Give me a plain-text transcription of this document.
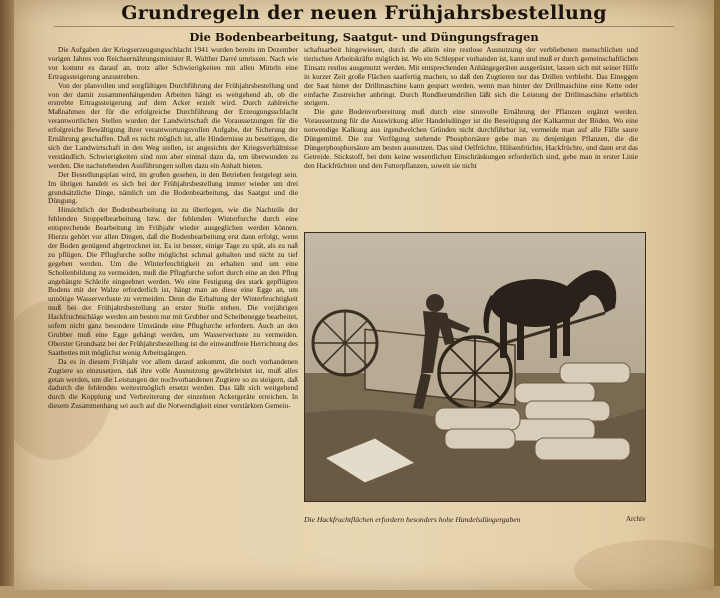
Grundregeln der neuen Frühjahrsbestellung
Die Bodenbearbeitung, Saatgut- und Düngungsfragen

Die Aufgaben der Kriegserzeugungsschlacht 1941 wurden bereits im Dezember vorigen Jahres von Reichsernährungsminister R. Walther Darré umrissen. Nach wie vor kommt es darauf an, trotz aller Schwierigkeiten mit allen Mitteln eine Ertragssteigerung anzustreben.

Von der planvollen und sorgfältigen Durchführung der Frühjahrsbestellung und von der damit zusammenhängenden Arbeiten hängt es weitgehend ab, ob die erstrebte Ertragssteigerung auf dem Acker erzielt wird. Durch zahlreiche Maßnahmen der für die erfolgreiche Durchführung der Erzeugungsschlacht verantwortlichen Stellen wurden der Landwirtschaft die Voraussetzungen für die erfolgreiche Bewältigung ihrer verantwortungsvollen Aufgabe, der Sicherung der Ernährung geschaffen. Daß es nicht möglich ist, alle Hindernisse zu beseitigen, die sich der Landwirtschaft in den Weg stellen, ist angesichts der Kriegsverhältnisse verständlich. Schwierigkeiten sind nun aber einmal dazu da, um überwunden zu werden. Die nachstehenden Ausführungen sollen dazu ein Anhalt bieten.

Der Bestellungsplan wird, im großen gesehen, in den Betrieben festgelegt sein. Im übrigen handelt es sich bei der Frühjahrsbestellung immer wieder um drei grundsätzliche Dinge, nämlich um die Bodenbearbeitung, das Saatgut und die Düngung.

Hinsichtlich der Bodenbearbeitung ist zu überlegen, wie die Nachteile der fehlenden Stoppelbearbeitung bzw. der fehlenden Winterfurche durch eine entsprechende Bearbeitung im Frühjahr wieder ausgeglichen werden können. Hierzu gehört vor allen Dingen, daß die Bodenbearbeitung erst dann erfolgt, wenn der Boden genügend abgetrocknet ist. Es ist besser, einige Tage zu spät, als zu naß zu pflügen. Die Pflugfurche sollte möglichst schmal gehalten und nicht zu tief gegeben werden. Um die Winterfeuchtigkeit zu erhalten und um eine Schollenbildung zu vermeiden, muß die Pflugfurche sofort durch eine an den Pflug angehängte Schleife eingeebnet werden. Wo eine Festigung des stark gepflügten Bodens mit der Walze erforderlich ist, hängt man an diese eine Egge an, um unnötige Wasserverluste zu vermeiden. Denn die Erhaltung der Winterfeuchtigkeit muß bei der Frühjahrsbestellung an erster Stelle stehen. Die vorjährigen Hackfruchtschläge werden am besten nur mit Grubber und Scheibenegge bearbeitet, sofern nicht ganz besondere Umstände eine Pflugfurche erfordern. Auch an den Grubber muß eine Egge gehängt werden, um Wasserverluste zu vermeiden. Oberster Grundsatz bei der Frühjahrsbestellung ist die einwandfreie Herrichtung des Saatbettes mit möglichst wenig Arbeitsgängen.

Da es in diesem Frühjahr vor allem darauf ankommt, die noch vorhandenen Zugtiere so einzusetzen, daß ihre volle Ausnutzung gewährleistet ist, muß alles getan werden, um die Leistungen der nochvorhandenen Zugtiere so zu steigern, daß dadurch die fehlenden weitestmöglich ersetzt werden. Das läßt sich weitgehend durch die Kopplung und Verbreiterung der einzelnen Ackergeräte erreichen. In diesem Zusammenhang sei auch auf die Notwendigkeit einer verstärkten Gemein-

schaftsarbeit hingewiesen, durch die allein eine restlose Ausnutzung der verbliebenen menschlichen und tierischen Arbeitskräfte möglich ist. Wo ein Schlepper vorhanden ist, kann und muß er durch gemeinschaftlichen Einsatz restlos ausgenutzt werden. Mit entsprechenden Anhängegeräten ausgerüstet, lassen sich mit seiner Hilfe in kurzer Zeit große Flächen saatfertig machen, so daß den Zugtieren nur das Drillen verbleibt. Das Eineggen der Saat hinter der Drillmaschine kann gespart werden, wenn man hinter der Drillmaschine eine Kette oder einfache Zustreicher anbringt. Durch Rundherumdrillen läßt sich die Leistung der Drillmaschine erheblich steigern.

Die gute Bodenvorbereitung muß durch eine sinnvolle Ernährung der Pflanzen ergänzt werden. Voraussetzung für die Auswirkung aller Handelsdünger ist die Beseitigung der Kalkarmut der Böden. Wo eine notwendige Kalkung aus irgendwelchen Gründen nicht durchführbar ist, vermeide man auf alle Fälle saure Düngemittel. Die zur Verfügung stehende Phosphorsäure gebe man zu denjenigen Pflanzen, die die Düngerphosphorsäure am besten ausnutzen. Das sind Oelfrüchte, Hülsenfrüchte, Hackfrüchte, und dann erst das Getreide. Stickstoff, bei dem keine wesentlichen Einschränkungen erforderlich sind, gebe man in erster Linie den Hackfrüchten und den Futterpflanzen, soweit sie nicht

Die Hackfruchtflächen erfordern besonders hohe Handelsdüngergaben	Archiv
